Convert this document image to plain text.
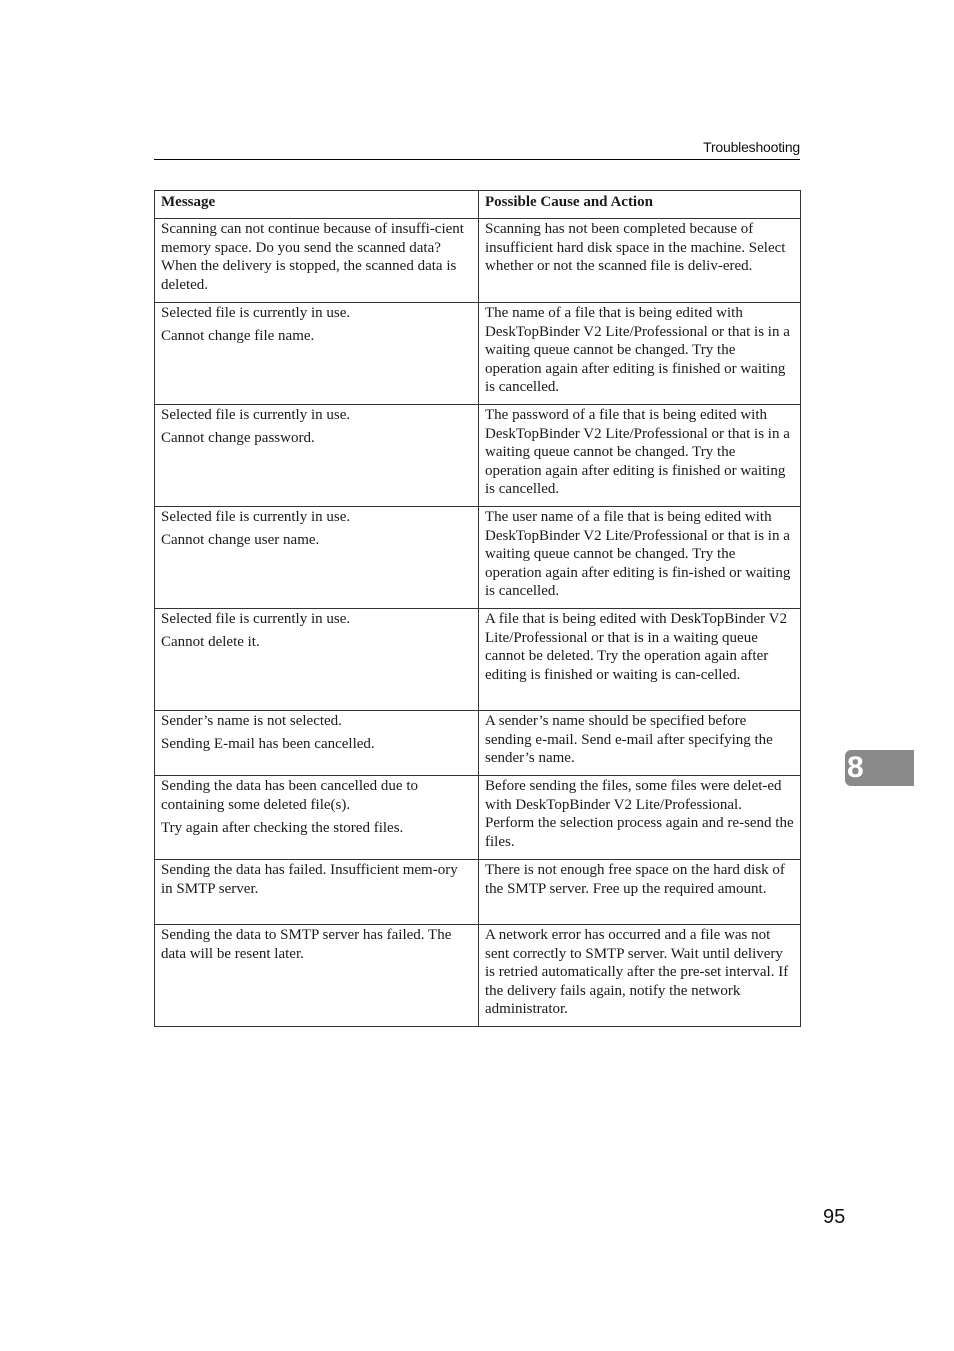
Troubleshooting
Message	Possible Cause and Action

Scanning can not continue because of insuffi-cient memory space. Do you send the scanned data? When the delivery is stopped, the scanned data is deleted.	Scanning has not been completed because of insufficient hard disk space in the machine. Select whether or not the scanned file is deliv-ered.

Selected file is currently in use.
Cannot change file name.	The name of a file that is being edited with DeskTopBinder V2 Lite/Professional or that is in a waiting queue cannot be changed. Try the operation again after editing is finished or waiting is cancelled.

Selected file is currently in use.
Cannot change password.	The password of a file that is being edited with DeskTopBinder V2 Lite/Professional or that is in a waiting queue cannot be changed. Try the operation again after editing is finished or waiting is cancelled.

Selected file is currently in use.
Cannot change user name.	The user name of a file that is being edited with DeskTopBinder V2 Lite/Professional or that is in a waiting queue cannot be changed. Try the operation again after editing is fin-ished or waiting is cancelled.

Selected file is currently in use.
Cannot delete it.	A file that is being edited with DeskTopBinder V2 Lite/Professional or that is in a waiting queue cannot be deleted. Try the operation again after editing is finished or waiting is can-celled.

Sender’s name is not selected.
Sending E-mail has been cancelled.	A sender’s name should be specified before sending e-mail. Send e-mail after specifying the sender’s name.

Sending the data has been cancelled due to containing some deleted file(s).
Try again after checking the stored files.	Before sending the files, some files were delet-ed with DeskTopBinder V2 Lite/Professional. Perform the selection process again and re-send the files.

Sending the data has failed. Insufficient mem-ory in SMTP server.	There is not enough free space on the hard disk of the SMTP server. Free up the required amount.

Sending the data to SMTP server has failed. The data will be resent later.	A network error has occurred and a file was not sent correctly to SMTP server. Wait until delivery is retried automatically after the pre-set interval. If the delivery fails again, notify the network administrator.
8
95
